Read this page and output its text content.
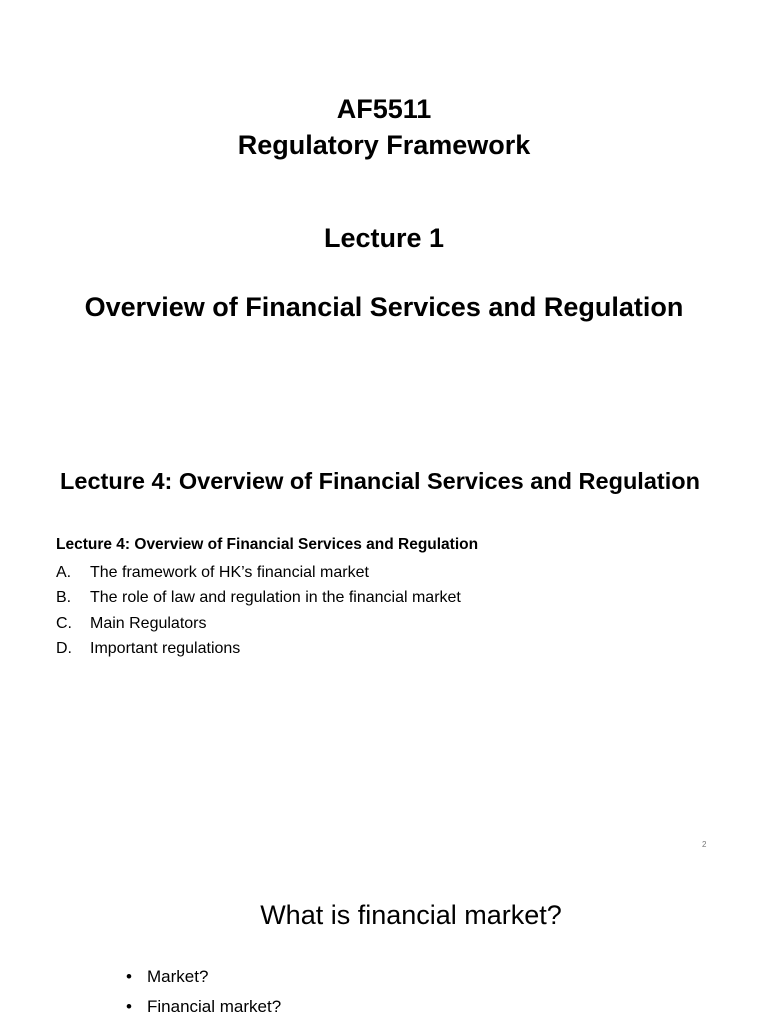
AF5511
Regulatory Framework
Lecture 1
Overview of Financial Services and Regulation
Lecture 4: Overview of Financial Services and Regulation
Lecture 4: Overview of Financial Services and Regulation
A.	The framework of HK’s financial market
B.	The role of law and regulation in the financial market
C.	Main Regulators
D.	Important regulations
2
What is financial market?
• Market?
• Financial market?
